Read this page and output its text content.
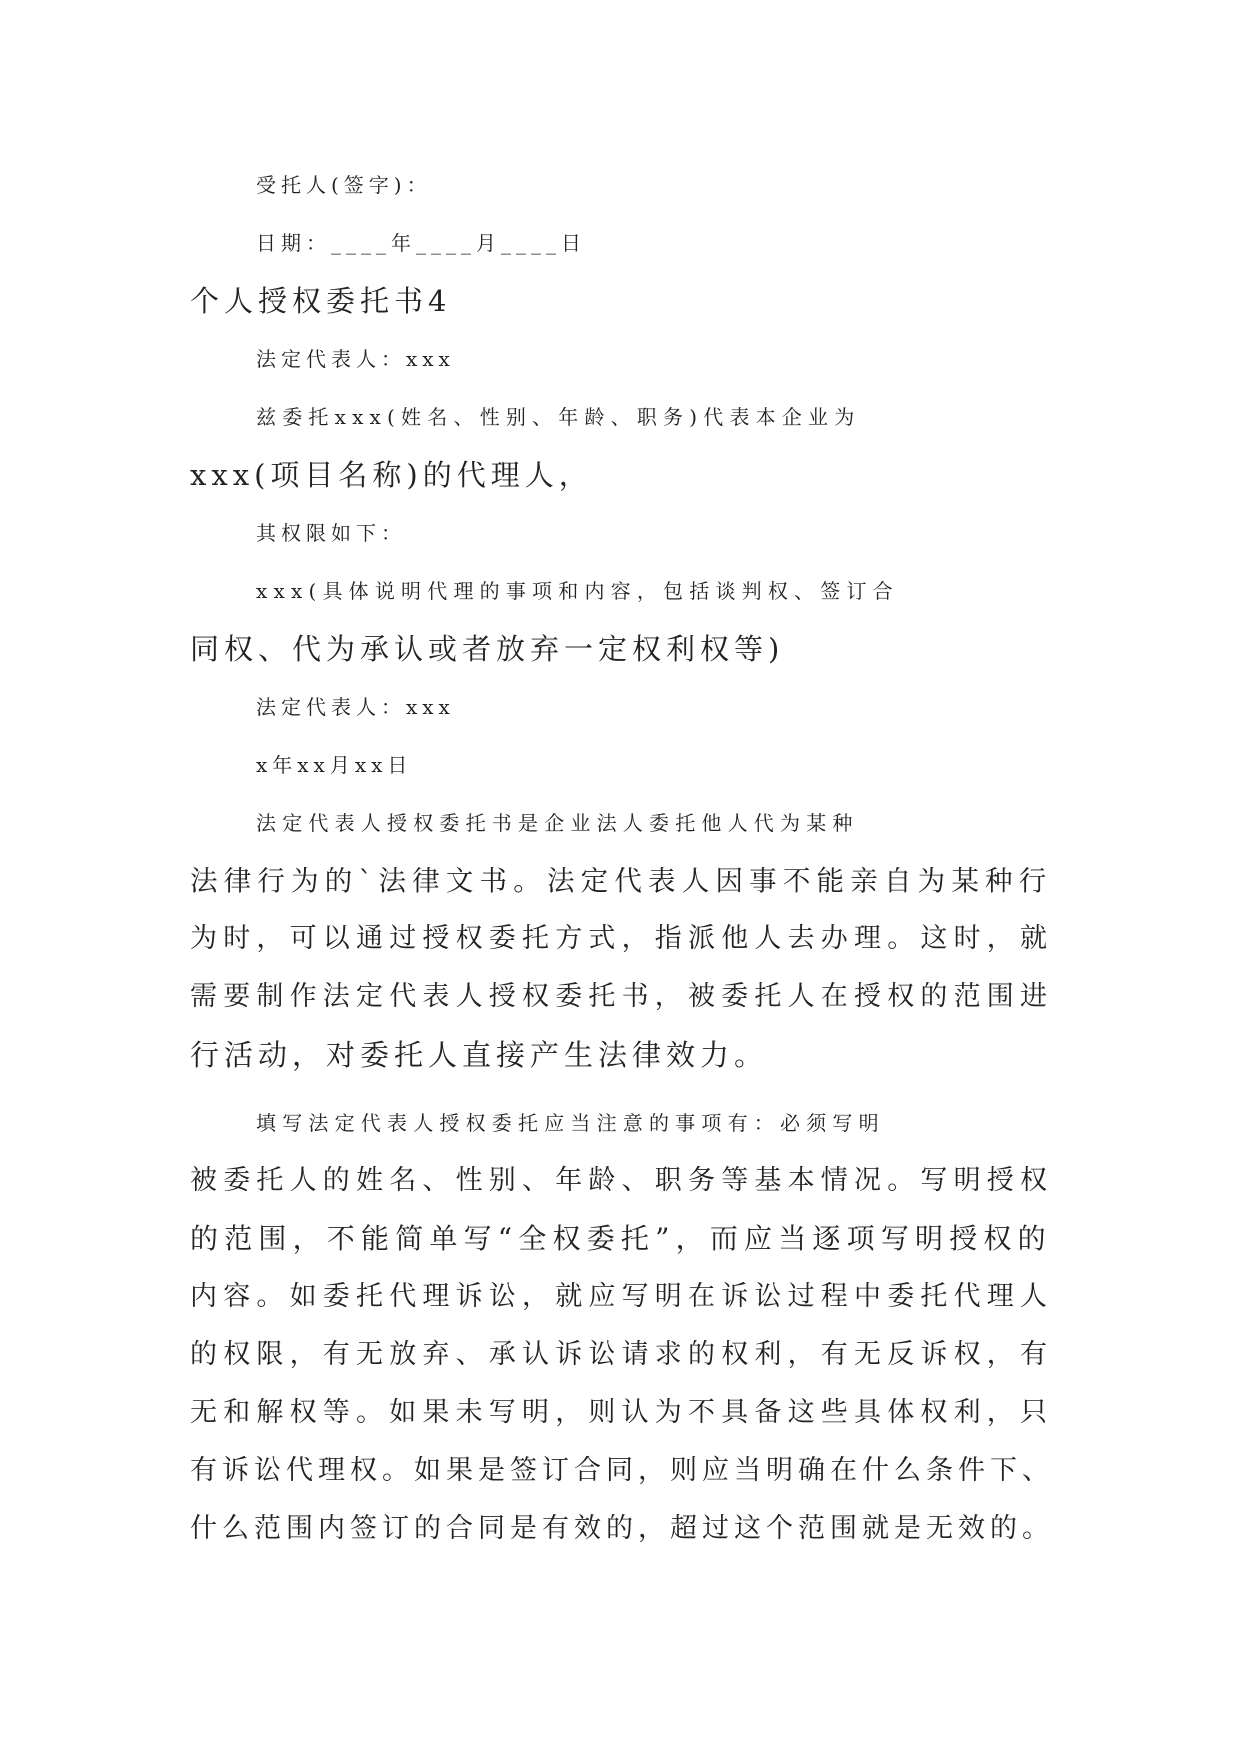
受托人(签字)：
日期：____年____月____日
个人授权委托书4
法定代表人：xxx
兹委托xxx(姓名、性别、年龄、职务)代表本企业为
xxx(项目名称)的代理人，
其权限如下：
xxx(具体说明代理的事项和内容，包括谈判权、签订合
同权、代为承认或者放弃一定权利权等)
法定代表人：xxx
x年xx月xx日
法定代表人授权委托书是企业法人委托他人代为某种
法律行为的`法律文书。法定代表人因事不能亲自为某种行
为时，可以通过授权委托方式，指派他人去办理。这时，就
需要制作法定代表人授权委托书，被委托人在授权的范围进
行活动，对委托人直接产生法律效力。
填写法定代表人授权委托应当注意的事项有：必须写明
被委托人的姓名、性别、年龄、职务等基本情况。写明授权
的范围，不能简单写“全权委托”，而应当逐项写明授权的
内容。如委托代理诉讼，就应写明在诉讼过程中委托代理人
的权限，有无放弃、承认诉讼请求的权利，有无反诉权，有
无和解权等。如果未写明，则认为不具备这些具体权利，只
有诉讼代理权。如果是签订合同，则应当明确在什么条件下、
什么范围内签订的合同是有效的，超过这个范围就是无效的。
